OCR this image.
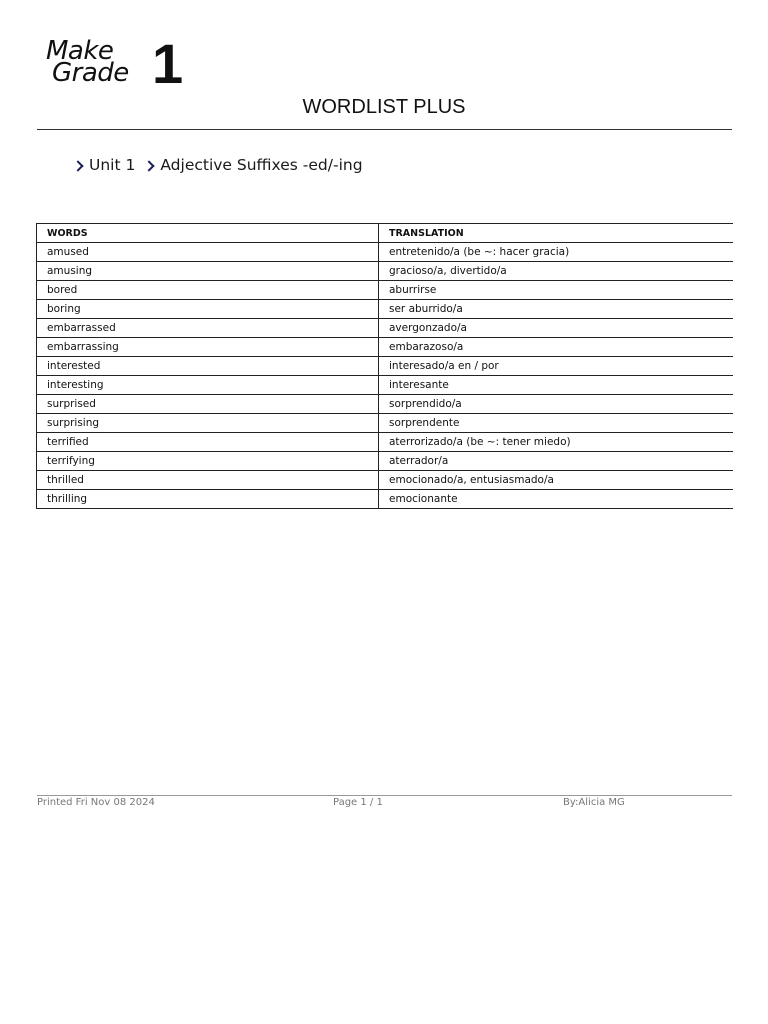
Make
Grade 1
WORDLIST PLUS
Unit 1 Adjective Suffixes -ed/-ing
WORDS	TRANSLATION
amused	entretenido/a (be ~: hacer gracia)
amusing	gracioso/a, divertido/a
bored	aburrirse
boring	ser aburrido/a
embarrassed	avergonzado/a
embarrassing	embarazoso/a
interested	interesado/a en / por
interesting	interesante
surprised	sorprendido/a
surprising	sorprendente
terrified	aterrorizado/a (be ~: tener miedo)
terrifying	aterrador/a
thrilled	emocionado/a, entusiasmado/a
thrilling	emocionante
Printed Fri Nov 08 2024	Page 1 / 1	By:Alicia MG
